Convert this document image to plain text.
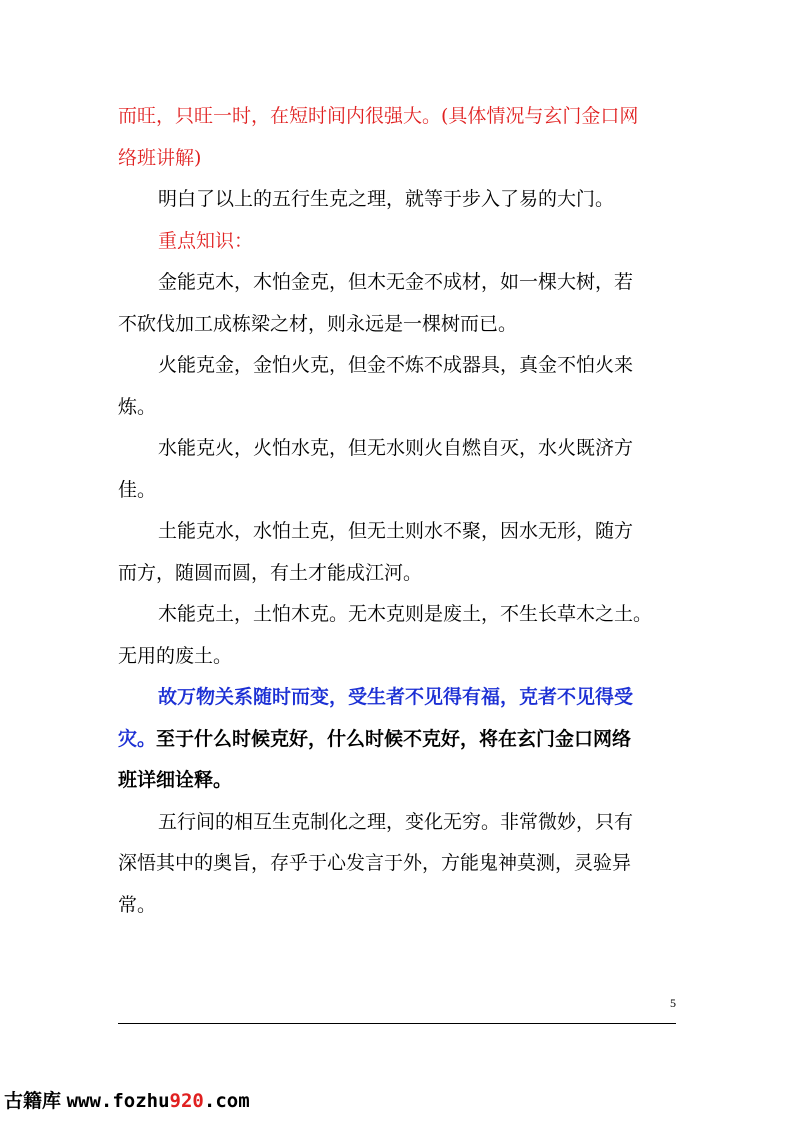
而旺，只旺一时，在短时间内很强大。(具体情况与玄门金口网
络班讲解)
明白了以上的五行生克之理，就等于步入了易的大门。
重点知识：
金能克木，木怕金克，但木无金不成材，如一棵大树，若
不砍伐加工成栋梁之材，则永远是一棵树而已。
火能克金，金怕火克，但金不炼不成器具，真金不怕火来
炼。
水能克火，火怕水克，但无水则火自燃自灭，水火既济方
佳。
土能克水，水怕土克，但无土则水不聚，因水无形，随方
而方，随圆而圆，有土才能成江河。
木能克土，土怕木克。无木克则是废土，不生长草木之土。
无用的废土。
故万物关系随时而变，受生者不见得有福，克者不见得受
灾。至于什么时候克好，什么时候不克好，将在玄门金口网络
班详细诠释。
五行间的相互生克制化之理，变化无穷。非常微妙，只有
深悟其中的奥旨，存乎于心发言于外，方能鬼神莫测，灵验异
常。
5
古籍库 www.fozhu920.com
